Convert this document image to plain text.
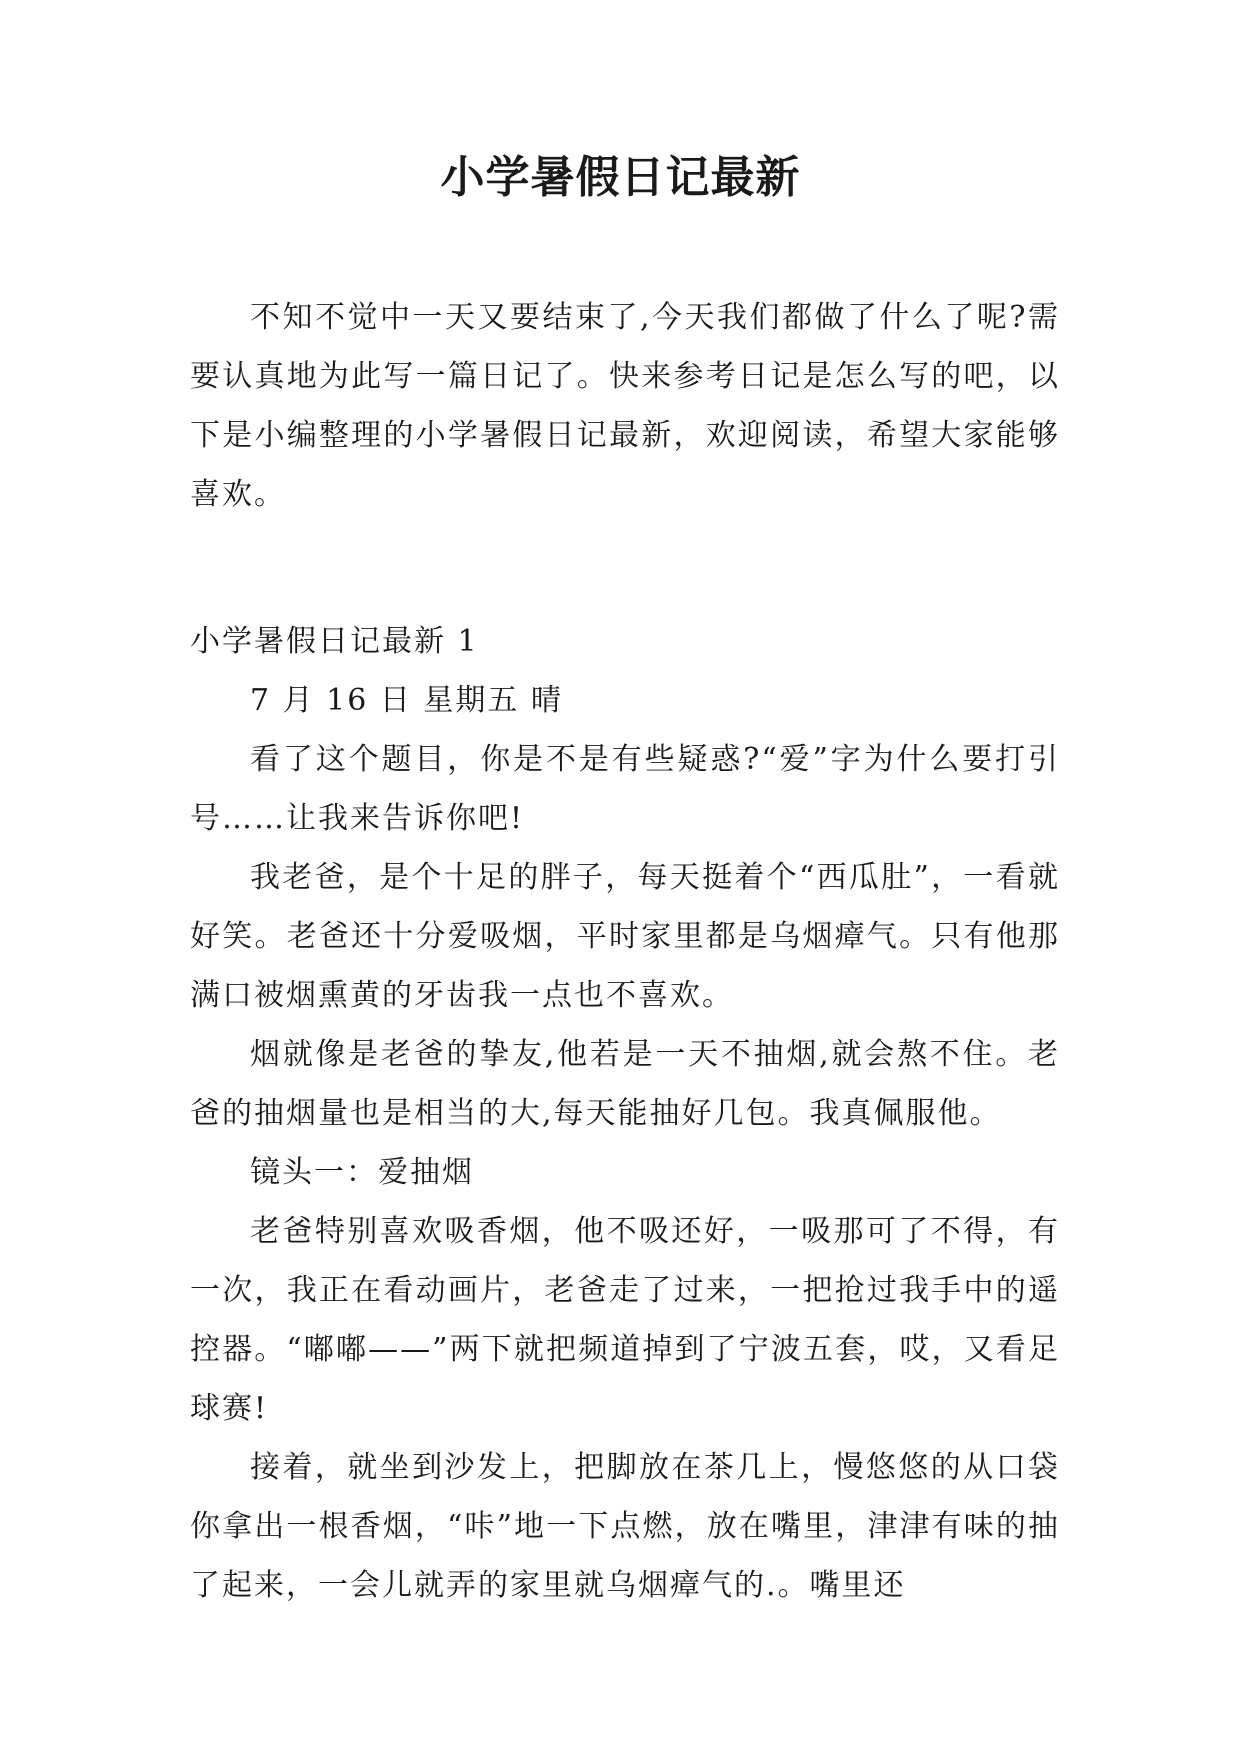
小学暑假日记最新

不知不觉中一天又要结束了,今天我们都做了什么了呢?需要认真地为此写一篇日记了。快来参考日记是怎么写的吧，以下是小编整理的小学暑假日记最新，欢迎阅读，希望大家能够喜欢。

小学暑假日记最新 1

7 月 16 日 星期五 晴

看了这个题目，你是不是有些疑惑?“爱”字为什么要打引号……让我来告诉你吧!

我老爸，是个十足的胖子，每天挺着个“西瓜肚”，一看就好笑。老爸还十分爱吸烟，平时家里都是乌烟瘴气。只有他那满口被烟熏黄的牙齿我一点也不喜欢。

烟就像是老爸的挚友,他若是一天不抽烟,就会熬不住。老爸的抽烟量也是相当的大,每天能抽好几包。我真佩服他。

镜头一：爱抽烟

老爸特别喜欢吸香烟，他不吸还好，一吸那可了不得，有一次，我正在看动画片，老爸走了过来，一把抢过我手中的遥控器。“嘟嘟——”两下就把频道掉到了宁波五套，哎，又看足球赛!

接着，就坐到沙发上，把脚放在茶几上，慢悠悠的从口袋你拿出一根香烟，“咔”地一下点燃，放在嘴里，津津有味的抽了起来，一会儿就弄的家里就乌烟瘴气的.。嘴里还
